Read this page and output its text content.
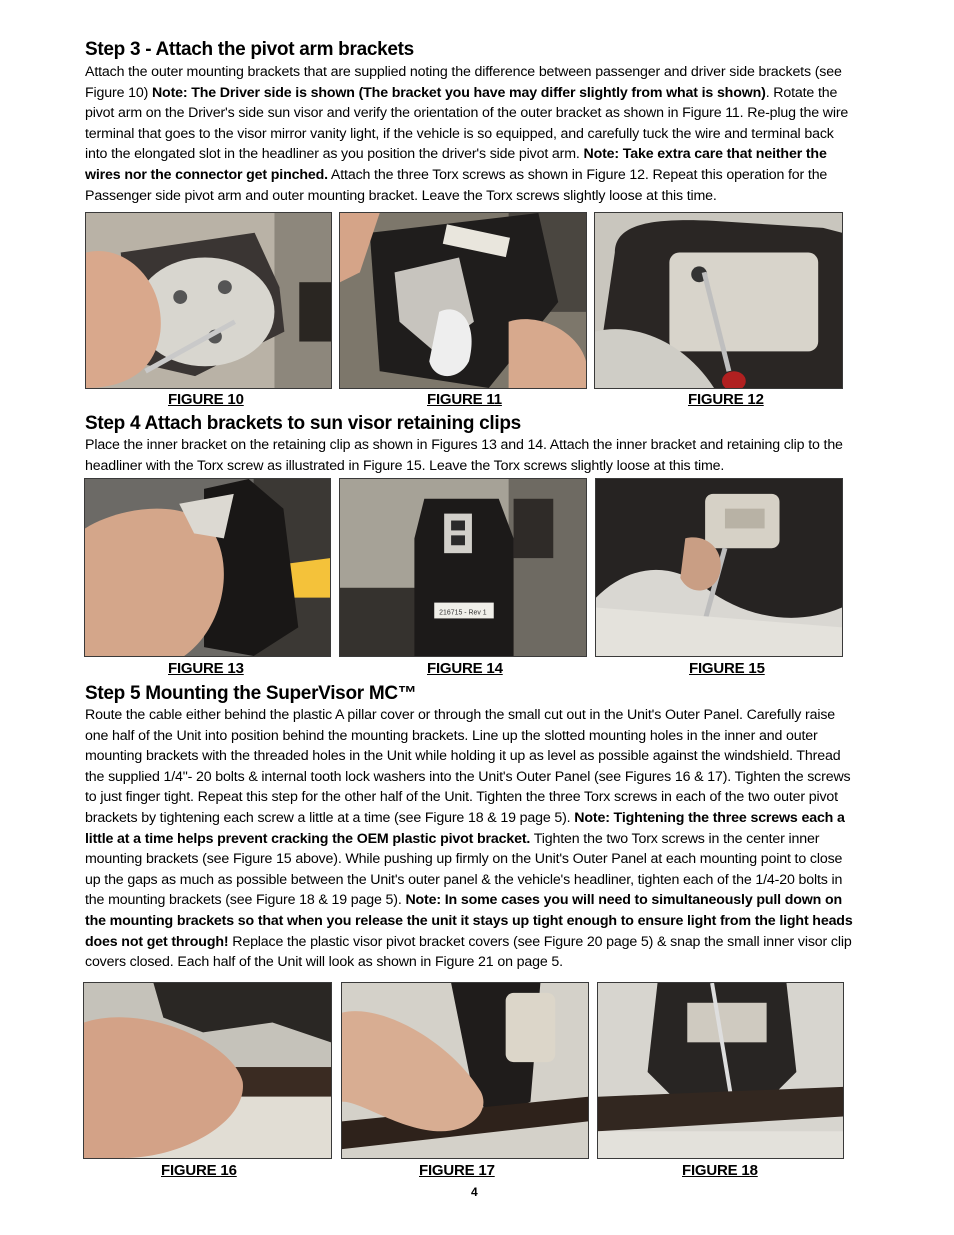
Step 3 - Attach the pivot arm brackets
Attach the outer mounting brackets that are supplied noting the difference between passenger and driver side brackets (see Figure 10) Note: The Driver side is shown (The bracket you have may differ slightly from what is shown). Rotate the pivot arm on the Driver's side sun visor and verify the orientation of the outer bracket as shown in Figure 11. Re-plug the wire terminal that goes to the visor mirror vanity light, if the vehicle is so equipped, and carefully tuck the wire and terminal back into the elongated slot in the headliner as you position the driver's side pivot arm. Note: Take extra care that neither the wires nor the connector get pinched. Attach the three Torx screws as shown in Figure 12. Repeat this operation for the Passenger side pivot arm and outer mounting bracket. Leave the Torx screws slightly loose at this time.
FIGURE 10	FIGURE 11	FIGURE 12
Step 4 Attach brackets to sun visor retaining clips
Place the inner bracket on the retaining clip as shown in Figures 13 and 14. Attach the inner bracket and retaining clip to the headliner with the Torx screw as illustrated in Figure 15. Leave the Torx screws slightly loose at this time.
216715 - Rev 1
FIGURE 13	FIGURE 14	FIGURE 15
Step 5 Mounting the SuperVisor MC™
Route the cable either behind the plastic A pillar cover or through the small cut out in the Unit's Outer Panel. Carefully raise one half of the Unit into position behind the mounting brackets. Line up the slotted mounting holes in the inner and outer mounting brackets with the threaded holes in the Unit while holding it up as level as possible against the windshield. Thread the supplied 1/4"- 20 bolts & internal tooth lock washers into the Unit's Outer Panel (see Figures 16 & 17). Tighten the screws to just finger tight. Repeat this step for the other half of the Unit. Tighten the three Torx screws in each of the two outer pivot brackets by tightening each screw a little at a time (see Figure 18 & 19 page 5). Note: Tightening the three screws each a little at a time helps prevent cracking the OEM plastic pivot bracket. Tighten the two Torx screws in the center inner mounting brackets (see Figure 15 above). While pushing up firmly on the Unit's Outer Panel at each mounting point to close up the gaps as much as possible between the Unit's outer panel & the vehicle's headliner, tighten each of the 1/4-20 bolts in the mounting brackets (see Figure 18 & 19 page 5). Note: In some cases you will need to simultaneously pull down on the mounting brackets so that when you release the unit it stays up tight enough to ensure light from the light heads does not get through! Replace the plastic visor pivot bracket covers (see Figure 20 page 5) & snap the small inner visor clip covers closed. Each half of the Unit will look as shown in Figure 21 on page 5.
FIGURE 16	FIGURE 17	FIGURE 18
4
